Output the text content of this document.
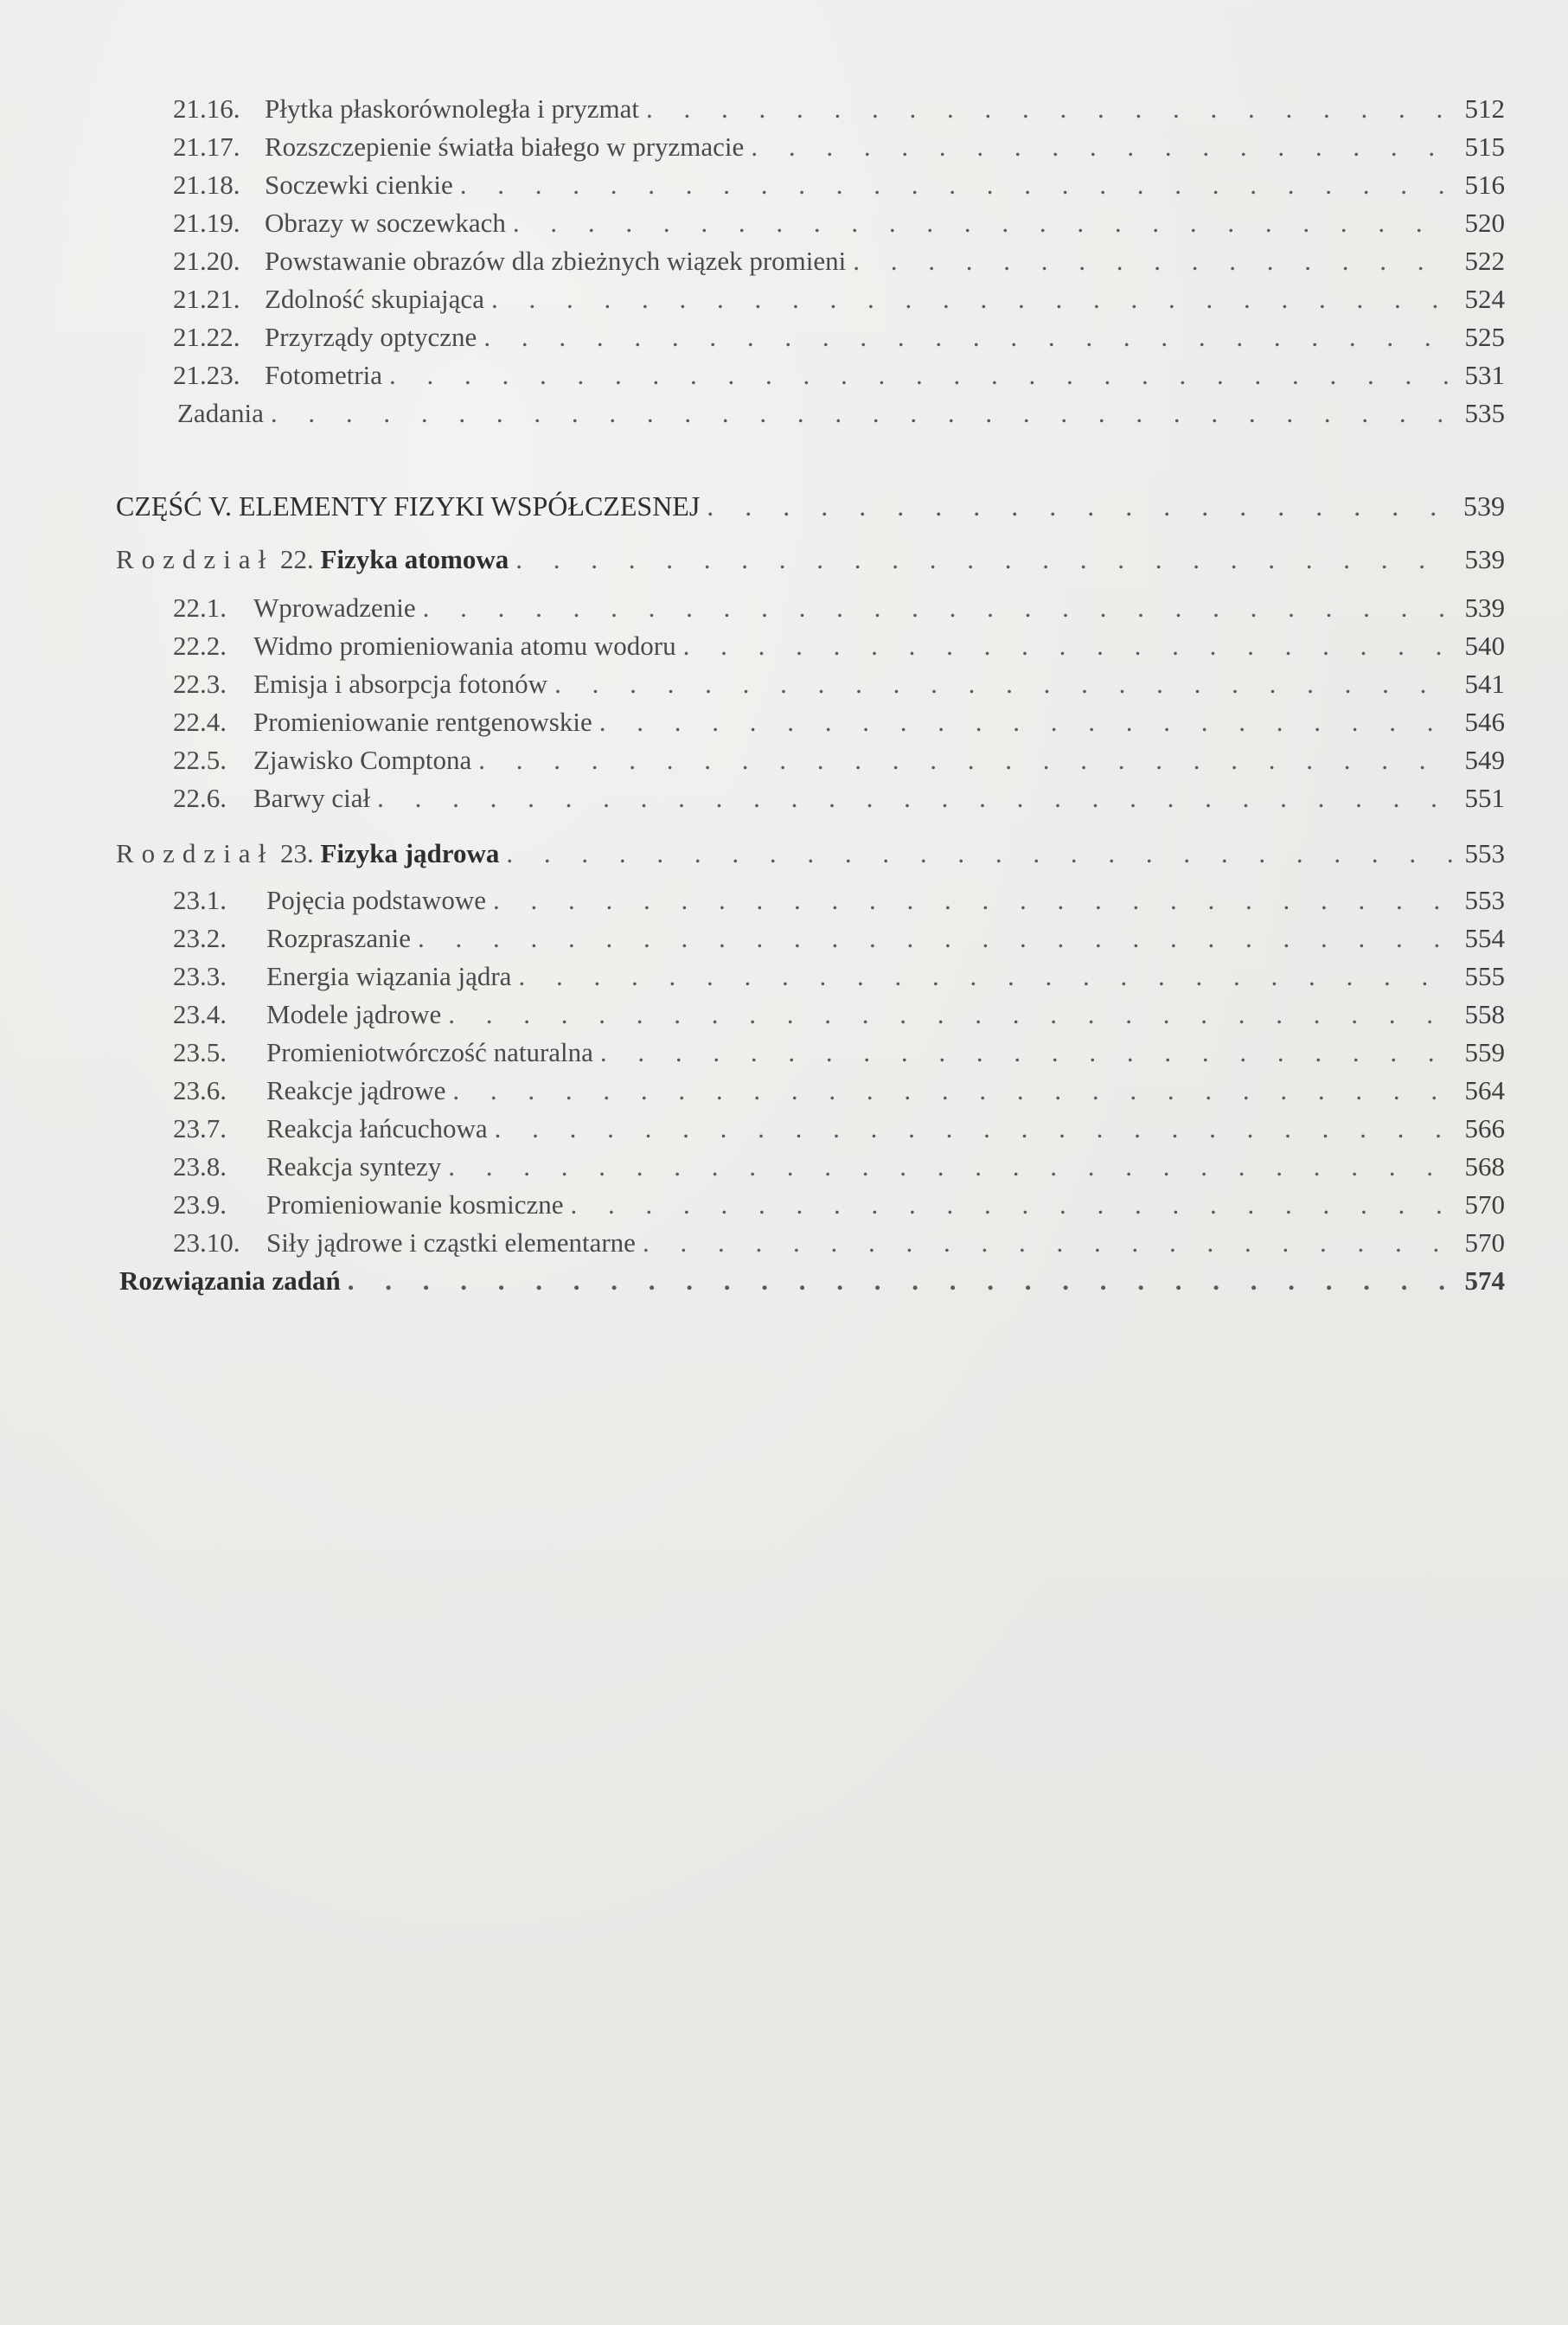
21.16. Płytka płaskorównoległa i pryzmat . . .	512
21.17. Rozszczepienie światła białego w pryzmacie . . .	515
21.18. Soczewki cienkie . . .	516
21.19. Obrazy w soczewkach . . .	520
21.20. Powstawanie obrazów dla zbieżnych wiązek promieni . . .	522
21.21. Zdolność skupiająca . . .	524
21.22. Przyrządy optyczne . . .	525
21.23. Fotometria . . .	531
Zadania . . .	535
CZĘŚĆ V. ELEMENTY FIZYKI WSPÓŁCZESNEJ . . .	539
Rozdział 22. Fizyka atomowa . . .	539
22.1.	Wprowadzenie . . .	539
22.2.	Widmo promieniowania atomu wodoru . . .	540
22.3.	Emisja i absorpcja fotonów . . .	541
22.4.	Promieniowanie rentgenowskie . . .	546
22.5.	Zjawisko Comptona . . .	549
22.6.	Barwy ciał . . .	551
Rozdział 23. Fizyka jądrowa . . .	553
23.1.	Pojęcia podstawowe . . .	553
23.2.	Rozpraszanie . . .	554
23.3.	Energia wiązania jądra . . .	555
23.4.	Modele jądrowe . . .	558
23.5.	Promieniotwórczość naturalna . . .	559
23.6.	Reakcje jądrowe . . .	564
23.7.	Reakcja łańcuchowa . . .	566
23.8.	Reakcja syntezy . . .	568
23.9.	Promieniowanie kosmiczne . . .	570
23.10. Siły jądrowe i cząstki elementarne . . .	570
Rozwiązania zadań . . .	574
